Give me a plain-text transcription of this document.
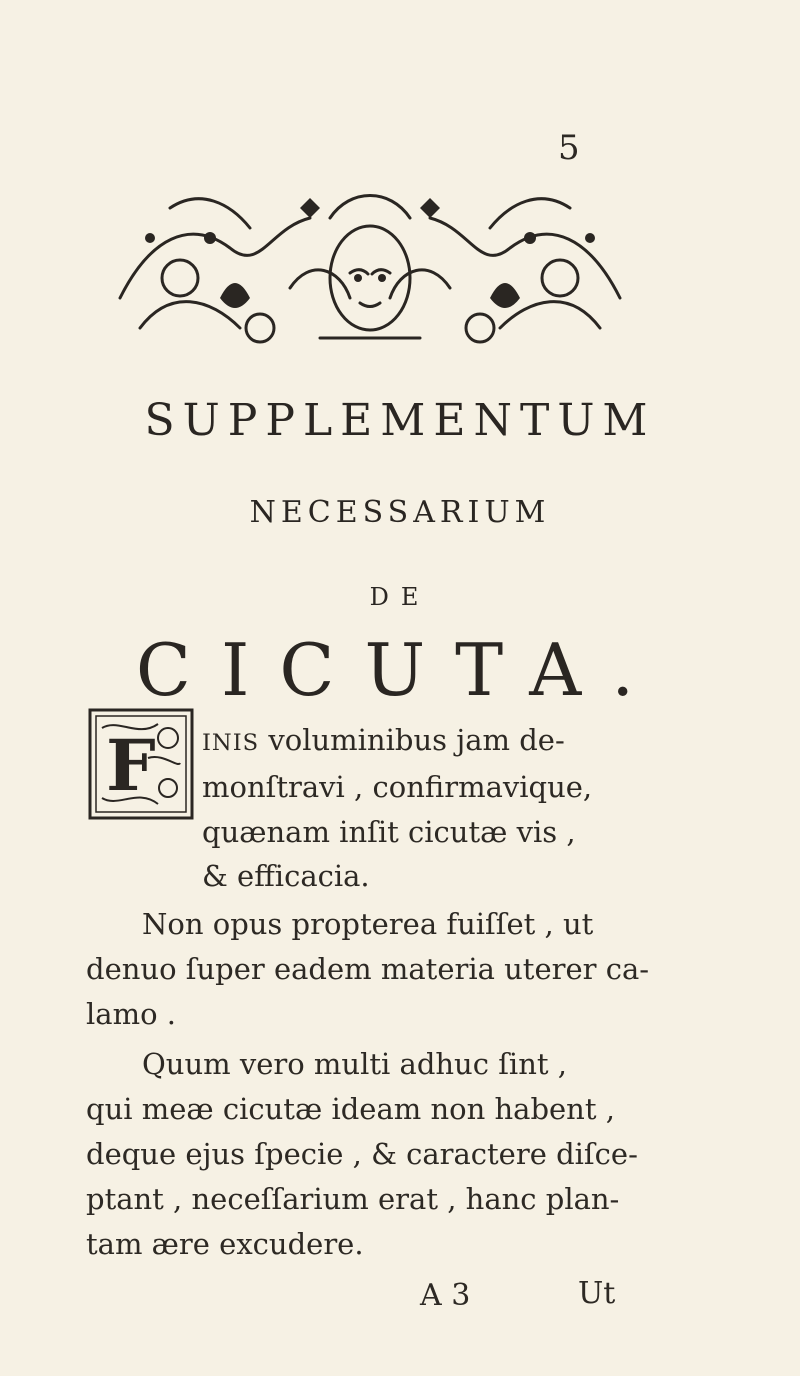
5
SUPPLEMENTUM
NECESSARIUM
DE
CICUTA.
F INIS voluminibus jam de-
monſtravi , confirmavique,
quænam inſit cicutæ vis ,
& efficacia.
Non opus propterea fuiſſet , ut
denuo ſuper eadem materia uterer ca-
lamo .
Quum vero multi adhuc ſint ,
qui meæ cicutæ ideam non habent ,
deque ejus ſpecie , & caractere diſce-
ptant , neceſſarium erat , hanc plan-
tam ære excudere.
A 3	Ut
